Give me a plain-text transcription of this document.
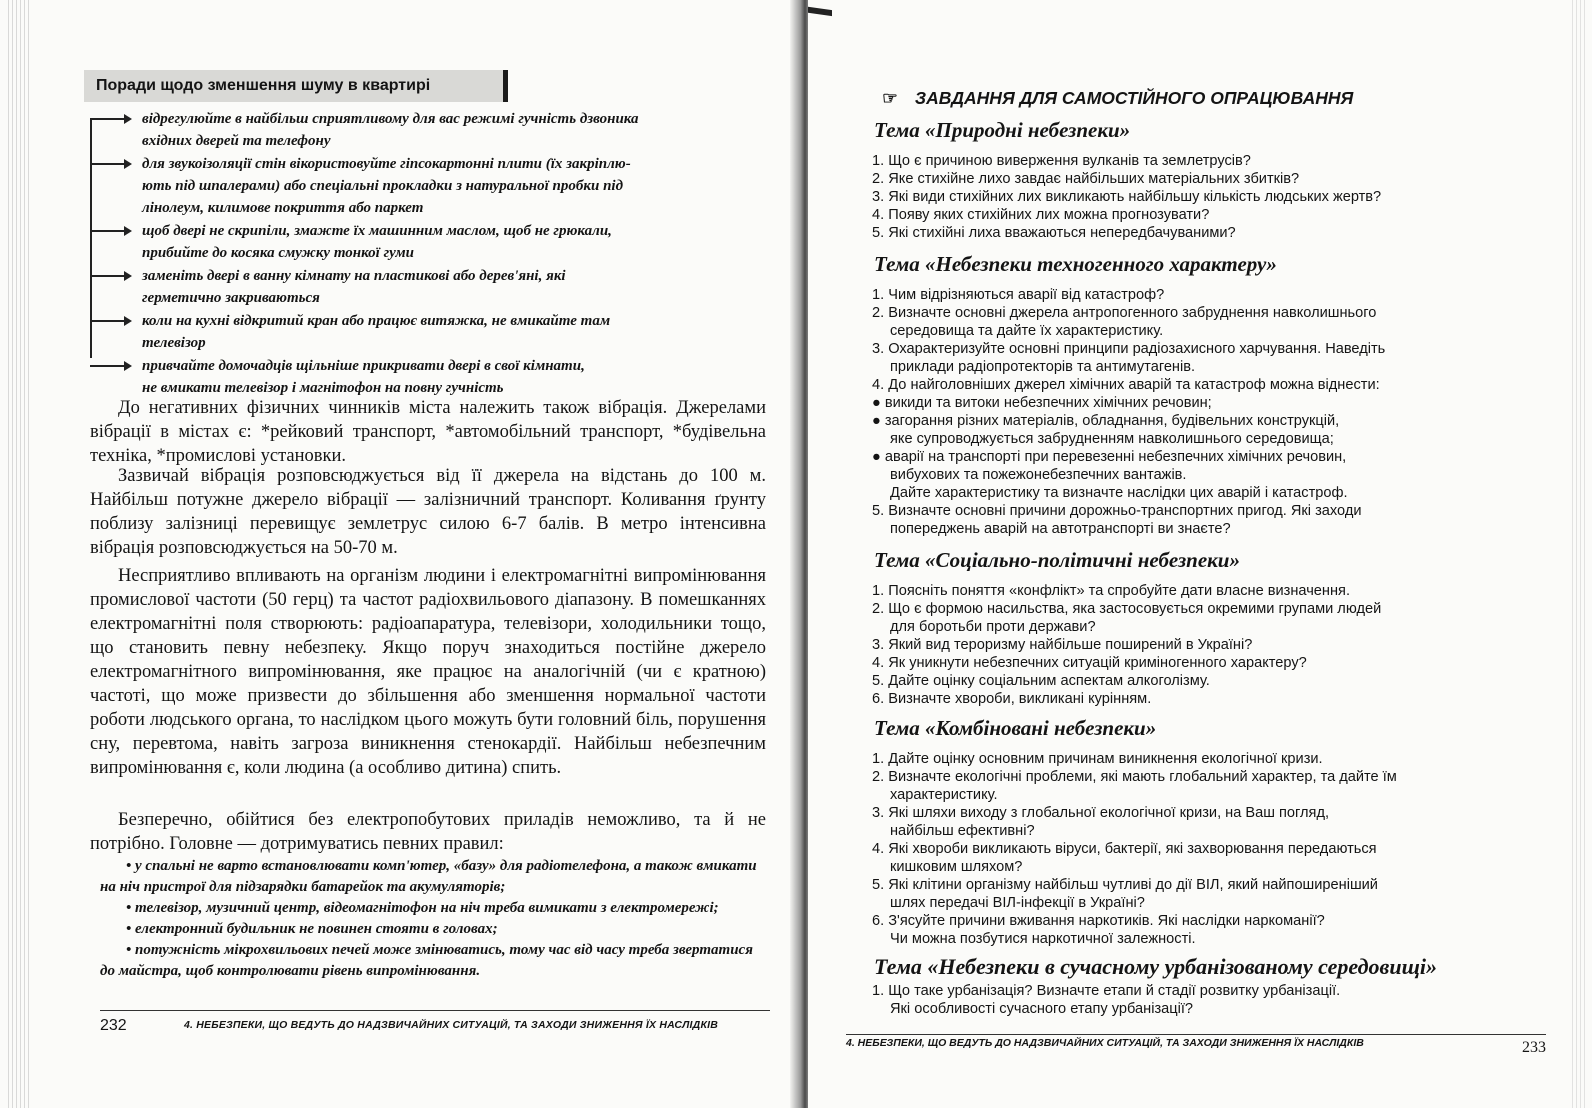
Поради щодо зменшення шуму в квартирі
відрегулюйте в найбільш сприятливому для вас режимі гучність дзвоника
вхідних дверей та телефону
для звукоізоляції стін вікористовуйте гіпсокартонні плити (їх закріплю-
ють під шпалерами) або спеціальні прокладки з натуральної пробки під
лінолеум, килимове покриття або паркет
щоб двері не скрипіли, змажте їх машинним маслом, щоб не грюкали,
прибийте до косяка смужку тонкої гуми
замeніть двері в ванну кімнату на пластикові або дерев'яні, які
герметично закриваються
коли на кухні відкритий кран або працює витяжка, не вмикайте там
телевізор
привчайте домочадців щільніше прикривати двері в свої кімнати,
не вмикати телевізор і магнітофон на повну гучність

До негативних фізичних чинників міста належить також вібрація. Джерелами вібрації в містах є: *рейковий транспорт, *автомобільний транспорт, *будівельна техніка, *промислові установки.

Зазвичай вібрація розповсюджується від її джерела на відстань до 100 м. Найбільш потужне джерело вібрації — залізничний транспорт. Коливання ґрунту поблизу залізниці перевищує землетрус силою 6-7 балів. В метро інтенсивна вібрація розповсюджується на 50-70 м.

Несприятливо впливають на організм людини і електромагнітні випромінювання промислової частоти (50 герц) та частот радіохвильового діапазону. В помешканнях електромагнітні поля створюють: радіоапаратура, телевізори, холодильники тощо, що становить певну небезпеку. Якщо поруч знаходиться постійне джерело електромагнітного випромінювання, яке працює на аналогічній (чи є кратною) частоті, що може призвести до збільшення або зменшення нормальної частоти роботи людського органа, то наслідком цього можуть бути головний біль, порушення сну, перевтома, навіть загроза виникнення стенокардії. Найбільш небезпечним випромінювання є, коли людина (а особливо дитина) спить.

Безперечно, обійтися без електропобутових приладів неможливо, та й не потрібно. Головне — дотримуватись певних правил:

• у спальні не варто встановлювати комп'ютер, «базу» для радіотелефона, а також вмикати на ніч пристрої для підзарядки батарейок та акумуляторів;
• телевізор, музичний центр, відеомагнітофон на ніч треба вимикати з електромережі;
• електронний будильник не повинен стояти в головах;
• потужність мікрохвильових печей може змінюватись, тому час від часу треба звертатися до майстра, щоб контролювати рівень випромінювання.
232	4. НЕБЕЗПЕКИ, ЩО ВЕДУТЬ ДО НАДЗВИЧАЙНИХ СИТУАЦІЙ, ТА ЗАХОДИ ЗНИЖЕННЯ ЇХ НАСЛІДКІВ
☞ ЗАВДАННЯ ДЛЯ САМОСТІЙНОГО ОПРАЦЮВАННЯ
Тема «Природні небезпеки»
1. Що є причиною виверження вулканів та землетрусів?
2. Яке стихійне лихо завдає найбільших матеріальних збитків?
3. Які види стихійних лих викликають найбільшу кількість людських жертв?
4. Появу яких стихійних лих можна прогнозувати?
5. Які стихійні лиха вважаються непередбачуваними?
Тема «Небезпеки техногенного характеру»
1. Чим відрізняються аварії від катастроф?
2. Визначте основні джерела антропогенного забруднення навколишнього
середовища та дайте їх характеристику.
3. Охарактеризуйте основні принципи радіозахисного харчування. Наведіть
приклади радіопротекторів та антимутагенів.
4. До найголовніших джерел хімічних аварій та катастроф можна віднести:
● викиди та витоки небезпечних хімічних речовин;
● загорання різних матеріалів, обладнання, будівельних конструкцій,
яке супроводжується забрудненням навколишнього середовища;
● аварії на транспорті при перевезенні небезпечних хімічних речовин,
вибухових та пожежонебезпечних вантажів.
Дайте характеристику та визначте наслідки цих аварій і катастроф.
5. Визначте основні причини дорожньо-транспортних пригод. Які заходи
попереджень аварій на автотранспорті ви знаєте?
Тема «Соціально-політичні небезпеки»
1. Поясніть поняття «конфлікт» та спробуйте дати власне визначення.
2. Що є формою насильства, яка застосовується окремими групами людей
для боротьби проти держави?
3. Який вид тероризму найбільше поширений в Україні?
4. Як уникнути небезпечних ситуацій криміногенного характеру?
5. Дайте оцінку соціальним аспектам алкоголізму.
6. Визначте хвороби, викликані курінням.
Тема «Комбіновані небезпеки»
1. Дайте оцінку основним причинам виникнення екологічної кризи.
2. Визначте екологічні проблеми, які мають глобальний характер, та дайте їм
характеристику.
3. Які шляхи виходу з глобальної екологічної кризи, на Ваш погляд,
найбільш ефективні?
4. Які хвороби викликають віруси, бактерії, які захворювання передаються
кишковим шляхом?
5. Які клітини організму найбільш чутливі до дії ВІЛ, який найпоширеніший
шлях передачі ВІЛ-інфекції в Україні?
6. З'ясуйте причини вживання наркотиків. Які наслідки наркоманії?
Чи можна позбутися наркотичної залежності.
Тема «Небезпеки в сучасному урбанізованому середовищі»
1. Що таке урбанізація? Визначте етапи й стадії розвитку урбанізації.
Які особливості сучасного етапу урбанізації?
4. НЕБЕЗПЕКИ, ЩО ВЕДУТЬ ДО НАДЗВИЧАЙНИХ СИТУАЦІЙ, ТА ЗАХОДИ ЗНИЖЕННЯ ЇХ НАСЛІДКІВ	233
